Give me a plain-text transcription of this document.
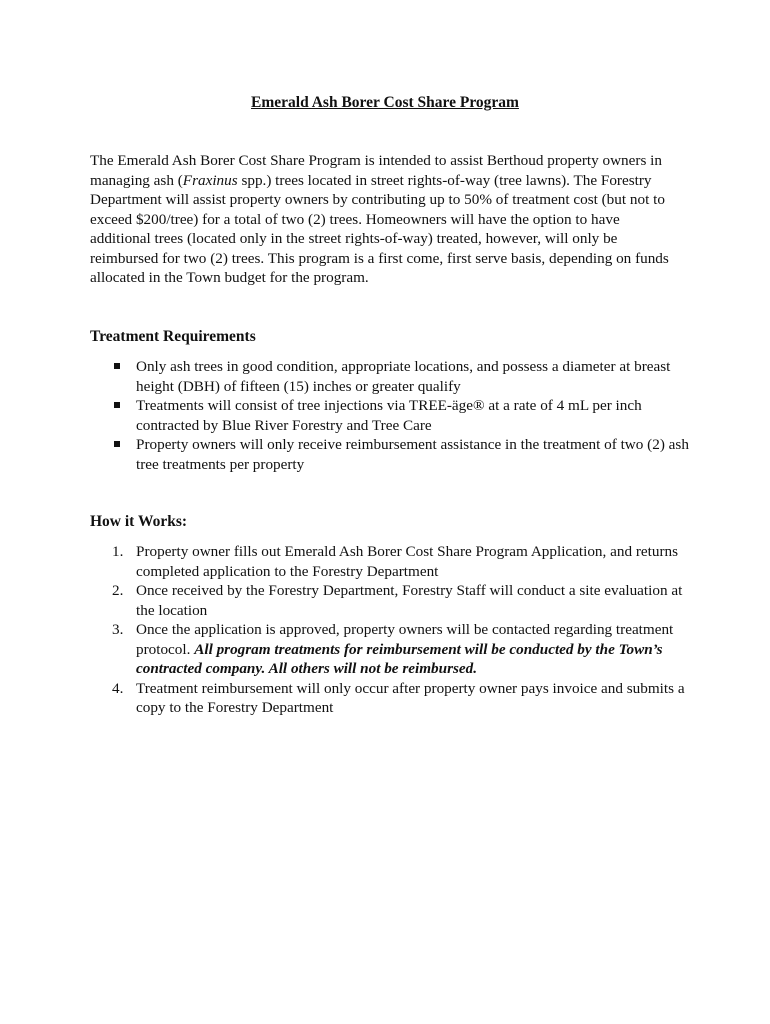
Emerald Ash Borer Cost Share Program

The Emerald Ash Borer Cost Share Program is intended to assist Berthoud property owners in managing ash (Fraxinus spp.) trees located in street rights-of-way (tree lawns). The Forestry Department will assist property owners by contributing up to 50% of treatment cost (but not to exceed $200/tree) for a total of two (2) trees. Homeowners will have the option to have additional trees (located only in the street rights-of-way) treated, however, will only be reimbursed for two (2) trees. This program is a first come, first serve basis, depending on funds allocated in the Town budget for the program.

Treatment Requirements
Only ash trees in good condition, appropriate locations, and possess a diameter at breast height (DBH) of fifteen (15) inches or greater qualify
Treatments will consist of tree injections via TREE-äge® at a rate of 4 mL per inch contracted by Blue River Forestry and Tree Care
Property owners will only receive reimbursement assistance in the treatment of two (2) ash tree treatments per property
How it Works:
1. Property owner fills out Emerald Ash Borer Cost Share Program Application, and returns completed application to the Forestry Department
2. Once received by the Forestry Department, Forestry Staff will conduct a site evaluation at the location
3. Once the application is approved, property owners will be contacted regarding treatment protocol. All program treatments for reimbursement will be conducted by the Town’s contracted company. All others will not be reimbursed.
4. Treatment reimbursement will only occur after property owner pays invoice and submits a copy to the Forestry Department
